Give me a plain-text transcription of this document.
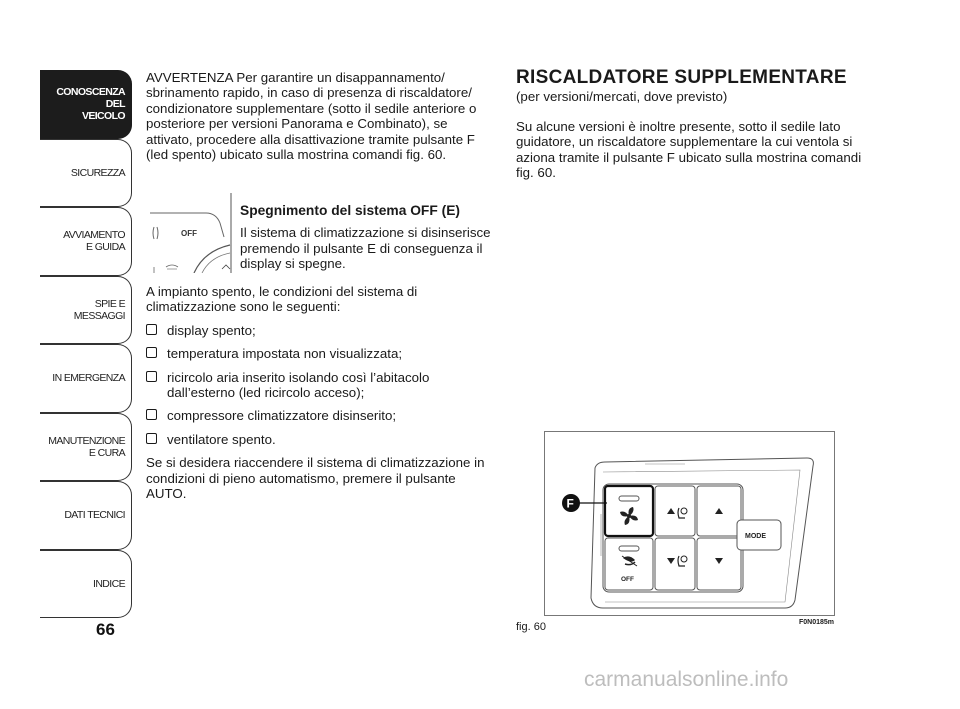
CONOSCENZA
DEL
VEICOLO
SICUREZZA
AVVIAMENTO
E GUIDA
SPIE E
MESSAGGI
IN EMERGENZA
MANUTENZIONE
E CURA
DATI TECNICI
INDICE
66

AVVERTENZA Per garantire un disappannamento/ sbrinamento rapido, in caso di presenza di riscaldatore/ condizionatore supplementare (sotto il sedile anteriore o posteriore per versioni Panorama e Combinato), se attivato, procedere alla disattivazione tramite pulsante F (led spento) ubicato sulla mostrina comandi fig. 60.

OFF
Spegnimento del sistema OFF (E)

Il sistema di climatizzazione si disinserisce premendo il pulsante E di conseguenza il display si spegne.

A impianto spento, le condizioni del sistema di climatizzazione sono le seguenti:

display spento;
temperatura impostata non visualizzata;
ricircolo aria inserito isolando così l’abitacolo dall’esterno (led ricircolo acceso);
compressore climatizzatore disinserito;
ventilatore spento.

Se si desidera riaccendere il sistema di climatizzazione in condizioni di pieno automatismo, premere il pulsante AUTO.

RISCALDATORE SUPPLEMENTARE

(per versioni/mercati, dove previsto)

Su alcune versioni è inoltre presente, sotto il sedile lato guidatore, un riscaldatore supplementare la cui ventola si aziona tramite il pulsante F ubicato sulla mostrina comandi fig. 60.

OFF
MODE
F
fig. 60	F0N0185m
carmanualsonline.info
